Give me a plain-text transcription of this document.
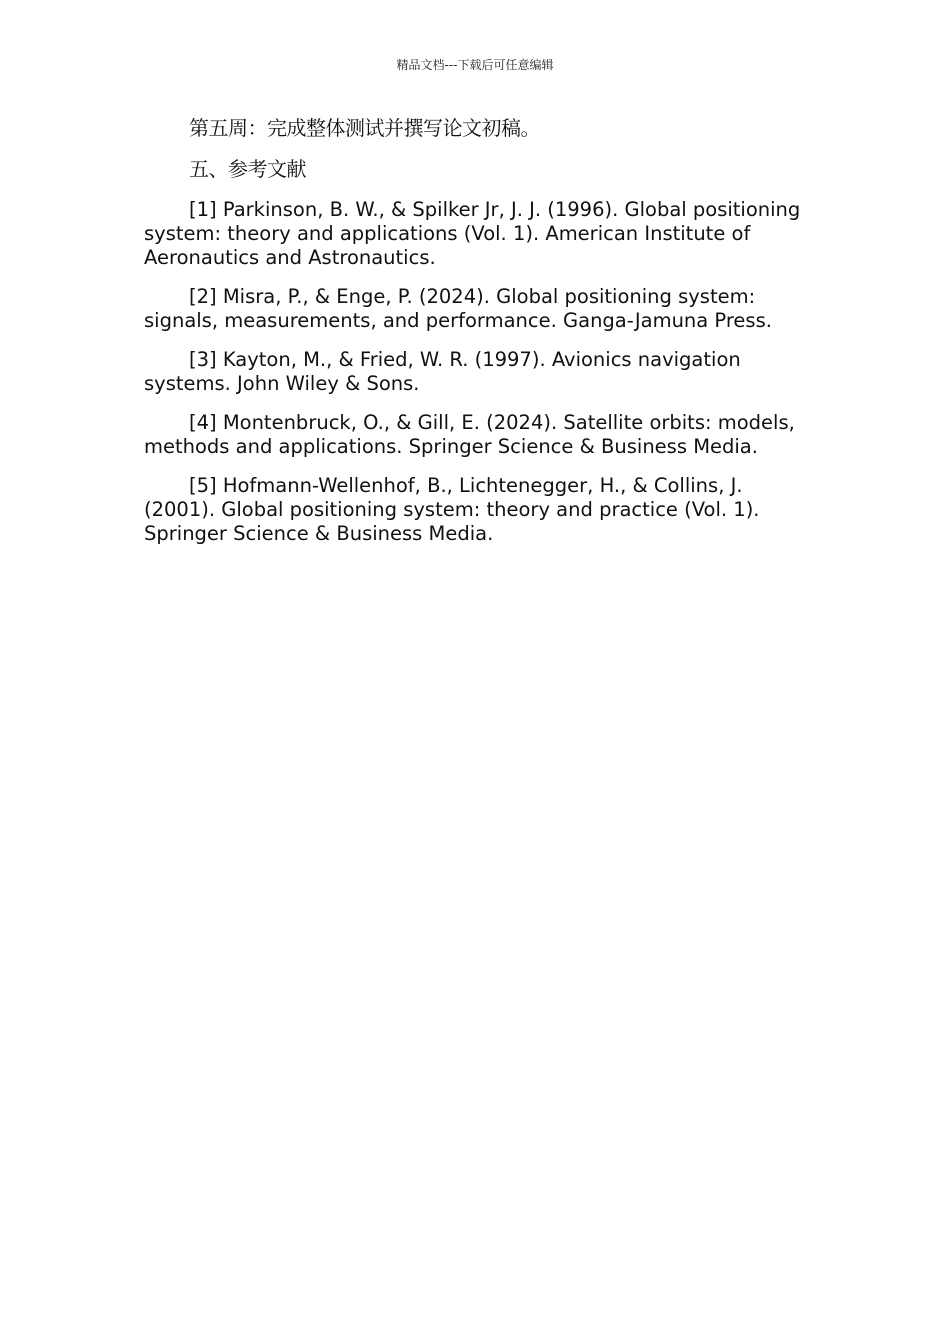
精品文档---下载后可任意编辑

第五周：完成整体测试并撰写论文初稿。

五、参考文献

[1] Parkinson, B. W., & Spilker Jr, J. J. (1996). Global positioning system: theory and applications (Vol. 1). American Institute of Aeronautics and Astronautics.

[2] Misra, P., & Enge, P. (2024). Global positioning system: signals, measurements, and performance. Ganga-Jamuna Press.

[3] Kayton, M., & Fried, W. R. (1997). Avionics navigation systems. John Wiley & Sons.

[4] Montenbruck, O., & Gill, E. (2024). Satellite orbits: models, methods and applications. Springer Science & Business Media.

[5] Hofmann-Wellenhof, B., Lichtenegger, H., & Collins, J. (2001). Global positioning system: theory and practice (Vol. 1). Springer Science & Business Media.
